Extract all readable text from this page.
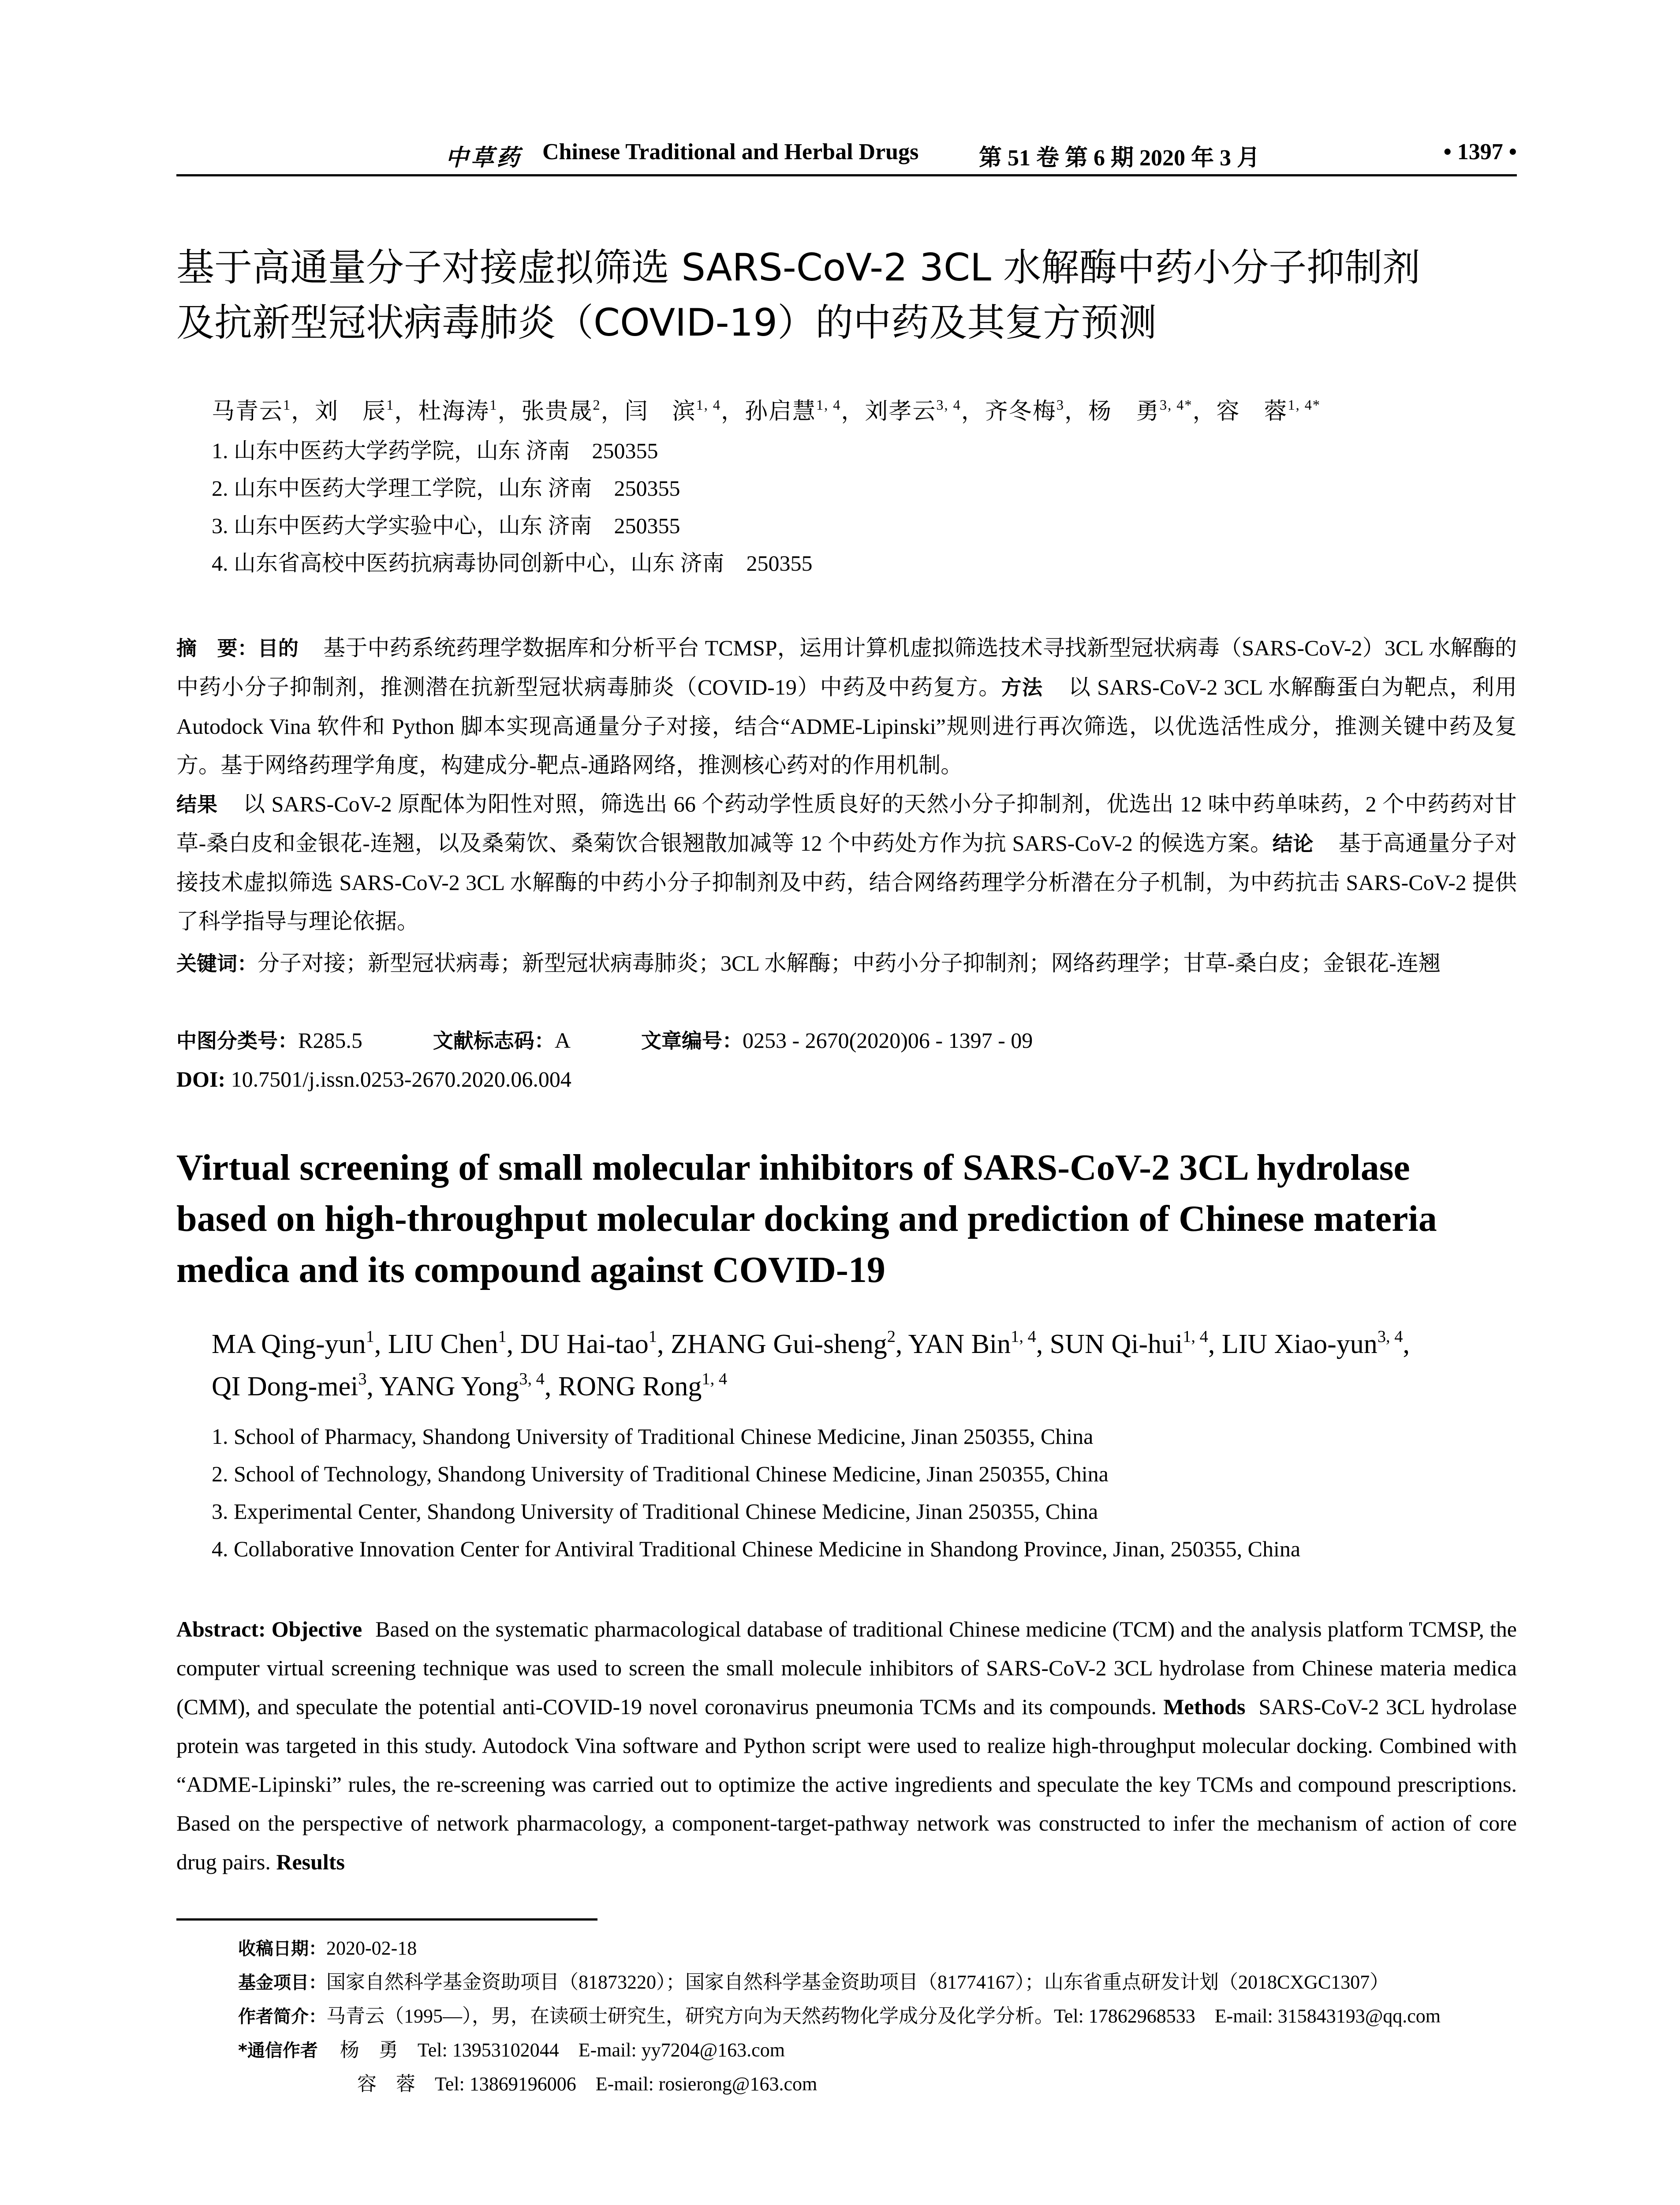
中草药 Chinese Traditional and Herbal Drugs	第 51 卷 第 6 期 2020 年 3 月	• 1397 •
基于高通量分子对接虚拟筛选 SARS-CoV-2 3CL 水解酶中药小分子抑制剂
及抗新型冠状病毒肺炎（COVID-19）的中药及其复方预测
马青云$^1$，刘　辰$^1$，杜海涛$^1$，张贵晟$^2$，闫　滨$^{1, 4}$，孙启慧$^{1, 4}$，刘孝云$^{3, 4}$，齐冬梅$^3$，杨　勇$^{3, 4*}$，容　蓉$^{1, 4*}$
1. 山东中医药大学药学院，山东 济南　250355
2. 山东中医药大学理工学院，山东 济南　250355
3. 山东中医药大学实验中心，山东 济南　250355
4. 山东省高校中医药抗病毒协同创新中心，山东 济南　250355
摘　要：目的 基于中药系统药理学数据库和分析平台 TCMSP，运用计算机虚拟筛选技术寻找新型冠状病毒（SARS-CoV-2）3CL 水解酶的中药小分子抑制剂，推测潜在抗新型冠状病毒肺炎（COVID-19）中药及中药复方。方法 以 SARS-CoV-2 3CL 水解酶蛋白为靶点，利用 Autodock Vina 软件和 Python 脚本实现高通量分子对接，结合“ADME-Lipinski”规则进行再次筛选，以优选活性成分，推测关键中药及复方。基于网络药理学角度，构建成分-靶点-通路网络，推测核心药对的作用机制。
结果 以 SARS-CoV-2 原配体为阳性对照，筛选出 66 个药动学性质良好的天然小分子抑制剂，优选出 12 味中药单味药，2 个中药药对甘草-桑白皮和金银花-连翘，以及桑菊饮、桑菊饮合银翘散加减等 12 个中药处方作为抗 SARS-CoV-2 的候选方案。结论 基于高通量分子对接技术虚拟筛选 SARS-CoV-2 3CL 水解酶的中药小分子抑制剂及中药，结合网络药理学分析潜在分子机制，为中药抗击 SARS-CoV-2 提供了科学指导与理论依据。
关键词：分子对接；新型冠状病毒；新型冠状病毒肺炎；3CL 水解酶；中药小分子抑制剂；网络药理学；甘草-桑白皮；金银花-连翘
中图分类号：R285.5	文献标志码：A	文章编号：0253 - 2670(2020)06 - 1397 - 09
DOI: 10.7501/j.issn.0253-2670.2020.06.004
Virtual screening of small molecular inhibitors of SARS-CoV-2 3CL hydrolase
based on high-throughput molecular docking and prediction of Chinese materia
medica and its compound against COVID-19
MA Qing-yun$^1$, LIU Chen$^1$, DU Hai-tao$^1$, ZHANG Gui-sheng$^2$, YAN Bin$^{1, 4}$, SUN Qi-hui$^{1, 4}$, LIU Xiao-yun$^{3, 4}$,
QI Dong-mei$^3$, YANG Yong$^{3, 4}$, RONG Rong$^{1, 4}$
1. School of Pharmacy, Shandong University of Traditional Chinese Medicine, Jinan 250355, China
2. School of Technology, Shandong University of Traditional Chinese Medicine, Jinan 250355, China
3. Experimental Center, Shandong University of Traditional Chinese Medicine, Jinan 250355, China
4. Collaborative Innovation Center for Antiviral Traditional Chinese Medicine in Shandong Province, Jinan, 250355, China
Abstract: Objective Based on the systematic pharmacological database of traditional Chinese medicine (TCM) and the analysis platform TCMSP, the computer virtual screening technique was used to screen the small molecule inhibitors of SARS-CoV-2 3CL hydrolase from Chinese materia medica (CMM), and speculate the potential anti-COVID-19 novel coronavirus pneumonia TCMs and its compounds. Methods SARS-CoV-2 3CL hydrolase protein was targeted in this study. Autodock Vina software and Python script were used to realize high-throughput molecular docking. Combined with “ADME-Lipinski” rules, the re-screening was carried out to optimize the active ingredients and speculate the key TCMs and compound prescriptions. Based on the perspective of network pharmacology, a component-target-pathway network was constructed to infer the mechanism of action of core drug pairs. Results
收稿日期：2020-02-18
基金项目：国家自然科学基金资助项目（81873220）；国家自然科学基金资助项目（81774167）；山东省重点研发计划（2018CXGC1307）
作者简介：马青云（1995—），男，在读硕士研究生，研究方向为天然药物化学成分及化学分析。Tel: 17862968533　E-mail: 315843193@qq.com
*通信作者 杨　勇　Tel: 13953102044　E-mail: yy7204@163.com
容　蓉　Tel: 13869196006　E-mail: rosierong@163.com
